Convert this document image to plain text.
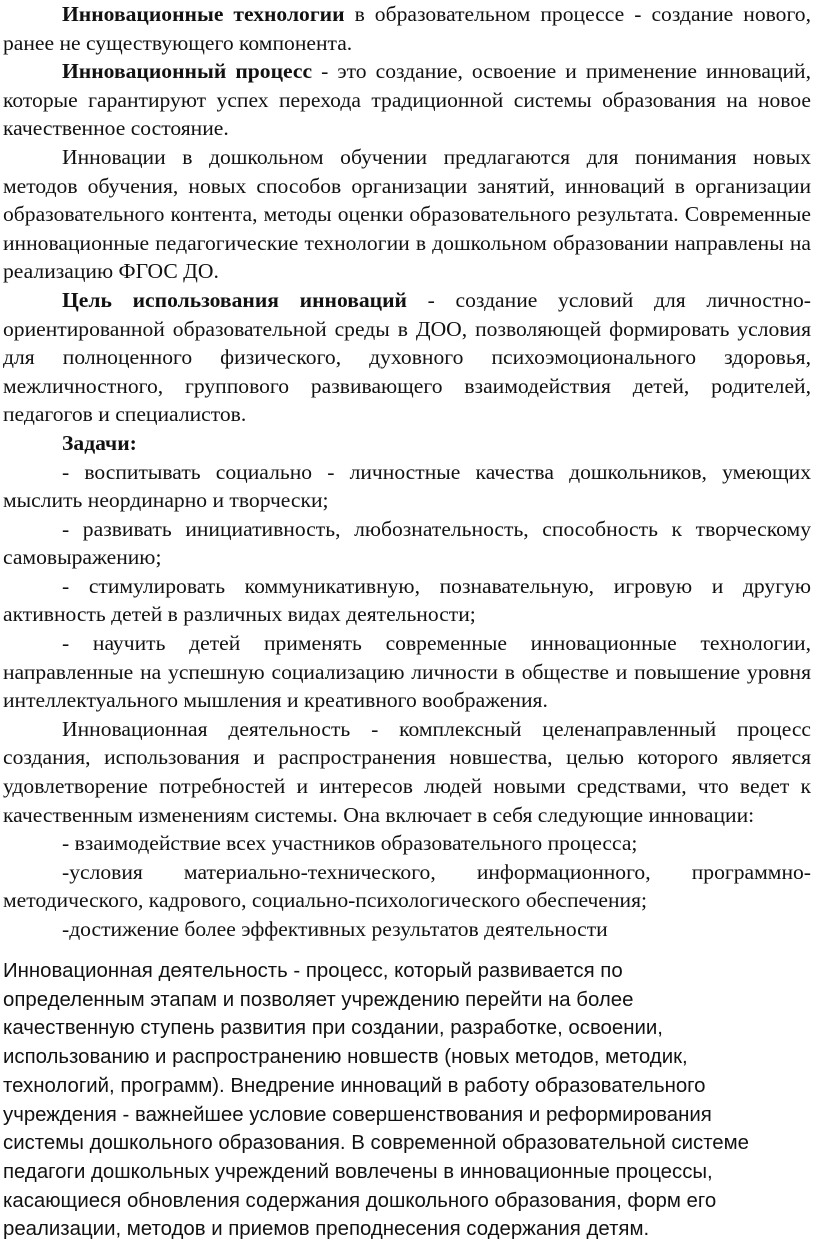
Инновационные технологии в образовательном процессе - создание нового, ранее не существующего компонента.

Инновационный процесс - это создание, освоение и применение инноваций, которые гарантируют успех перехода традиционной системы образования на новое качественное состояние.

Инновации в дошкольном обучении предлагаются для понимания новых методов обучения, новых способов организации занятий, инноваций в организации образовательного контента, методы оценки образовательного результата. Современные инновационные педагогические технологии в дошкольном образовании направлены на реализацию ФГОС ДО.

Цель использования инноваций - создание условий для личностно-ориентированной образовательной среды в ДОО, позволяющей формировать условия для полноценного физического, духовного психоэмоционального здоровья, межличностного, группового развивающего взаимодействия детей, родителей, педагогов и специалистов.

Задачи:

- воспитывать социально - личностные качества дошкольников, умеющих мыслить неординарно и творчески;

- развивать инициативность, любознательность, способность к творческому самовыражению;

- стимулировать коммуникативную, познавательную, игровую и другую активность детей в различных видах деятельности;

- научить детей применять современные инновационные технологии, направленные на успешную социализацию личности в обществе и повышение уровня интеллектуального мышления и креативного воображения.

Инновационная деятельность - комплексный целенаправленный процесс создания, использования и распространения новшества, целью которого является удовлетворение потребностей и интересов людей новыми средствами, что ведет к качественным изменениям системы. Она включает в себя следующие инновации:

- взаимодействие всех участников образовательного процесса;

-условия материально-технического, информационного, программно-методического, кадрового, социально-психологического обеспечения;

-достижение более эффективных результатов деятельности

Инновационная деятельность - процесс, который развивается по

определенным этапам и позволяет учреждению перейти на более

качественную ступень развития при создании, разработке, освоении,

использованию и распространению новшеств (новых методов, методик,

технологий, программ). Внедрение инноваций в работу образовательного

учреждения - важнейшее условие совершенствования и реформирования

системы дошкольного образования. В современной образовательной системе

педагоги дошкольных учреждений вовлечены в инновационные процессы,

касающиеся обновления содержания дошкольного образования, форм его

реализации, методов и приемов преподнесения содержания детям.
